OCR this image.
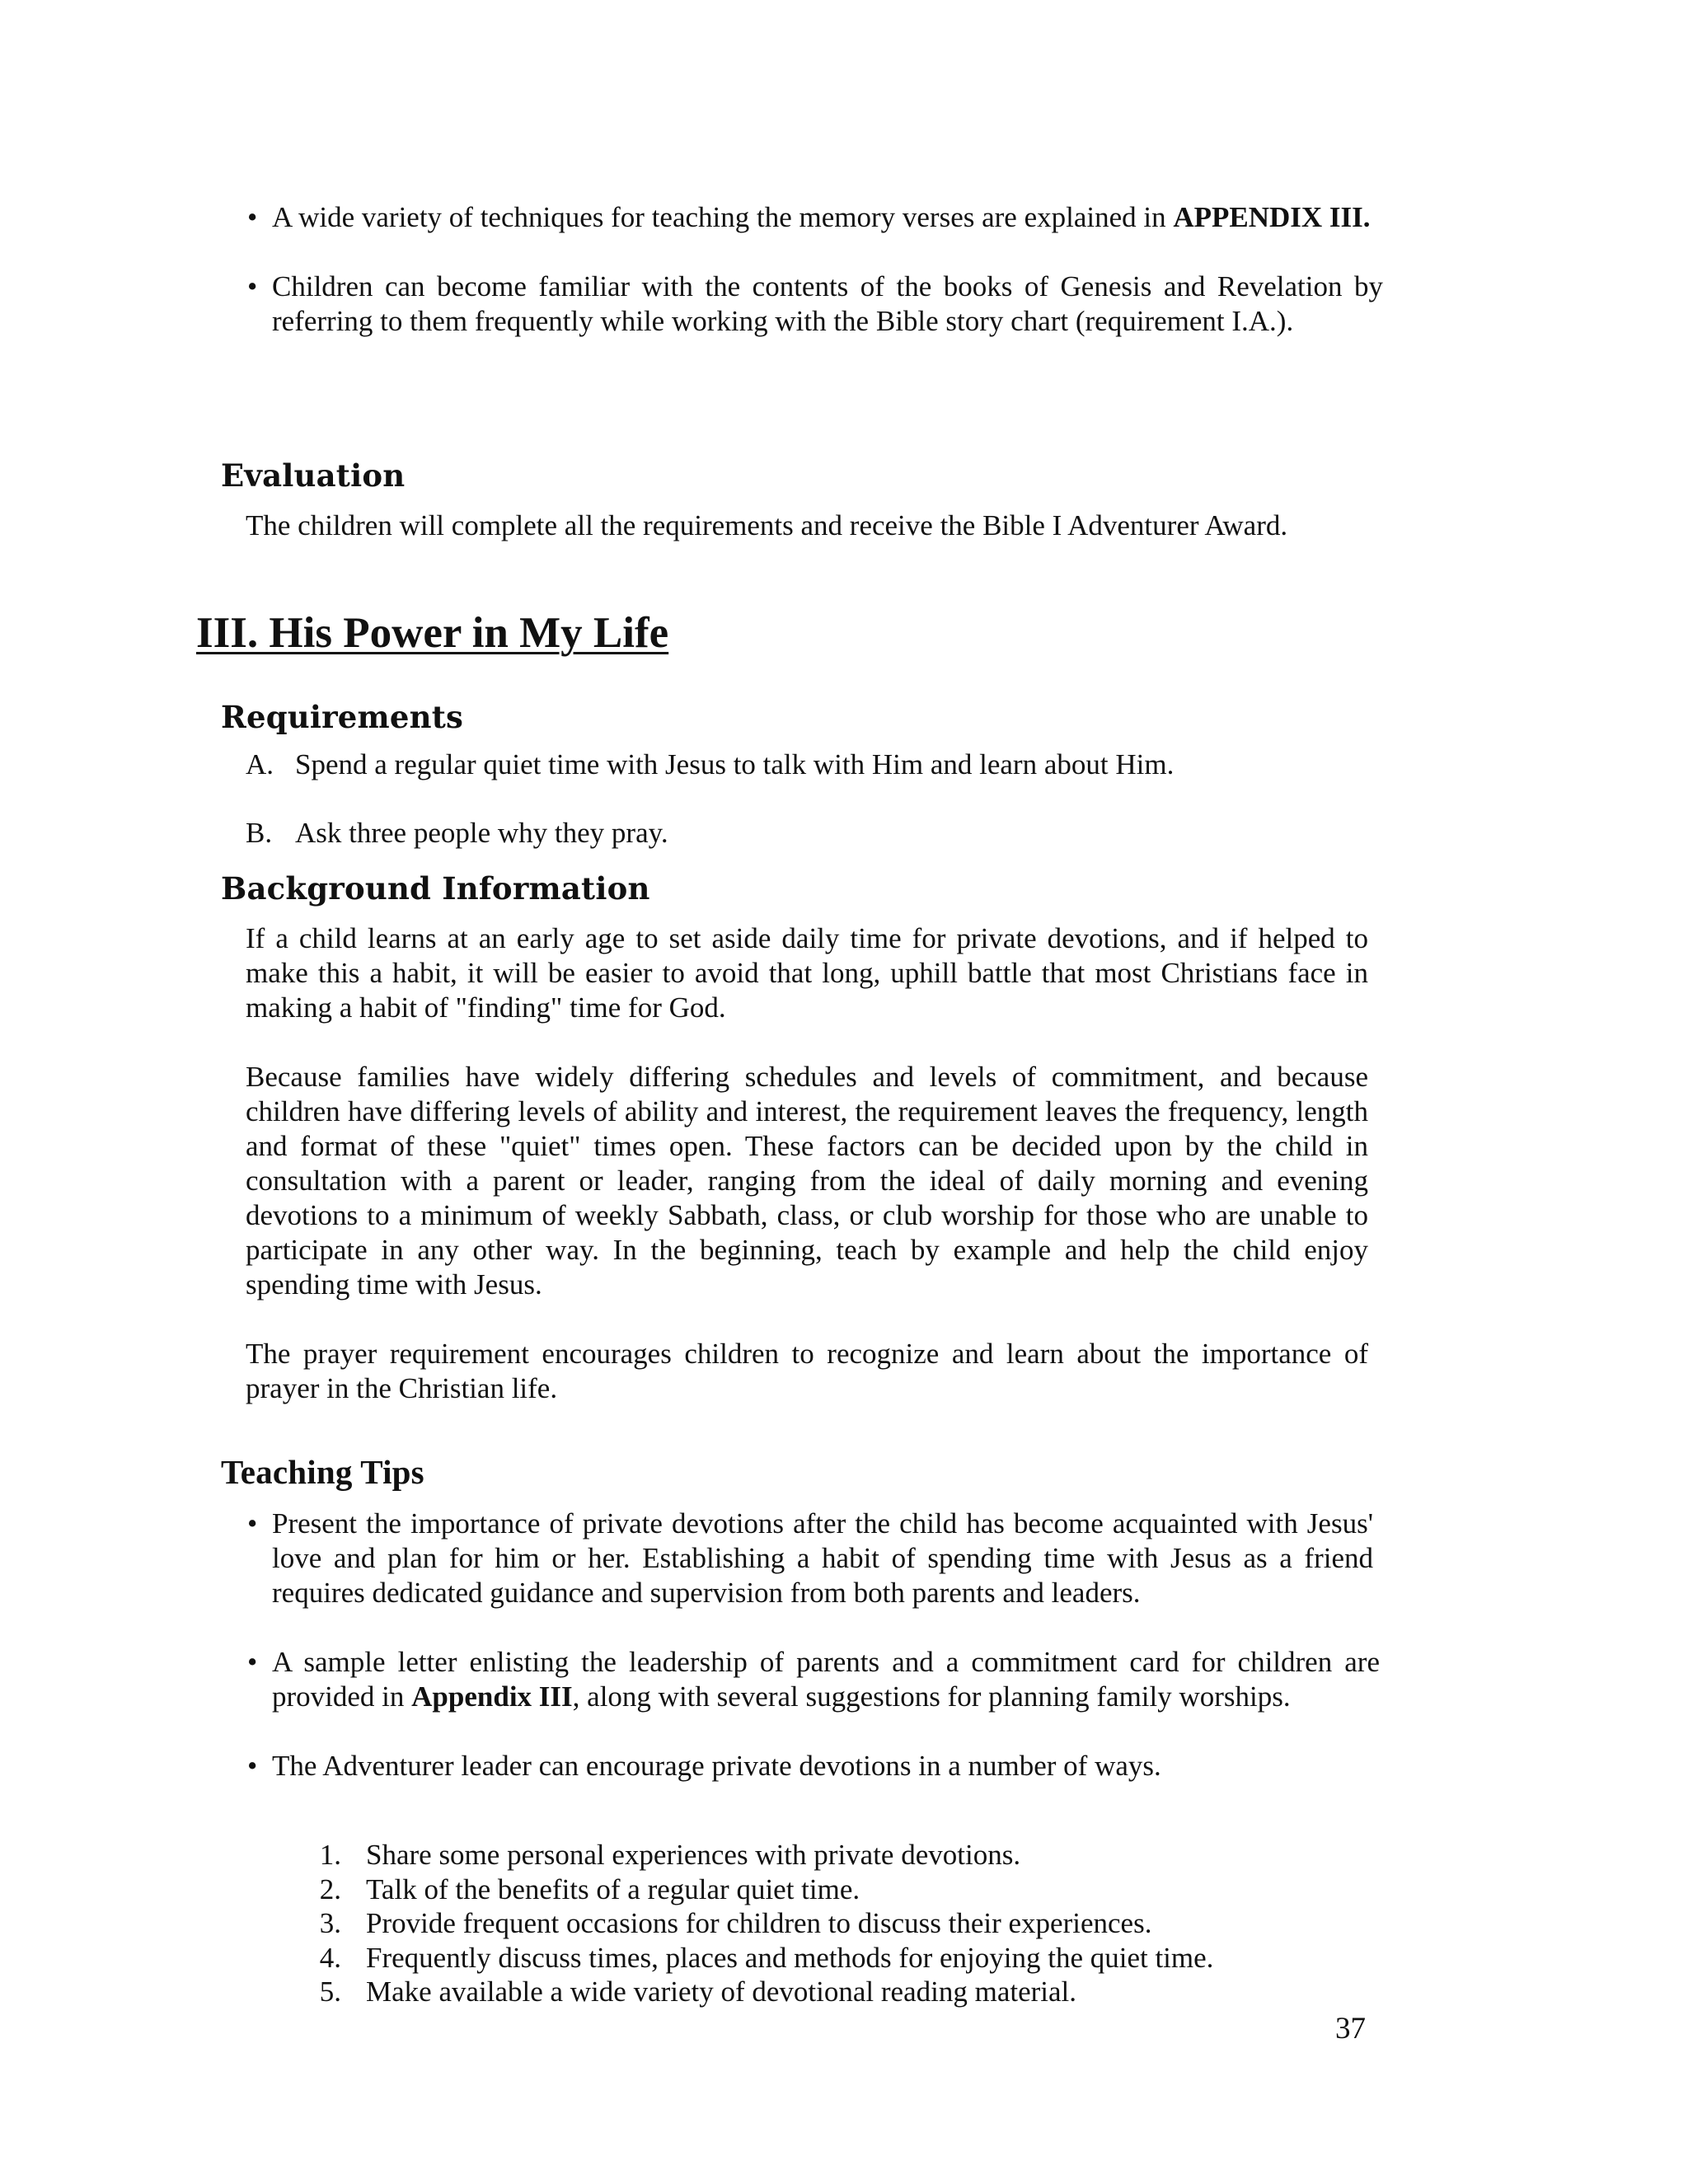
• A wide variety of techniques for teaching the memory verses are explained in APPENDIX III.

• Children can become familiar with the contents of the books of Genesis and Revelation by referring to them frequently while working with the Bible story chart (requirement I.A.).

Evaluation

The children will complete all the requirements and receive the Bible I Adventurer Award.

III. His Power in My Life
Requirements
A. Spend a regular quiet time with Jesus to talk with Him and learn about Him.
B. Ask three people why they pray.
Background Information

If a child learns at an early age to set aside daily time for private devotions, and if helped to make this a habit, it will be easier to avoid that long, uphill battle that most Christians face in making a habit of "finding" time for God.

Because families have widely differing schedules and levels of commitment, and because children have differing levels of ability and interest, the requirement leaves the frequency, length and format of these "quiet" times open. These factors can be decided upon by the child in consultation with a parent or leader, ranging from the ideal of daily morning and evening devotions to a minimum of weekly Sabbath, class, or club worship for those who are unable to participate in any other way. In the beginning, teach by example and help the child enjoy spending time with Jesus.

The prayer requirement encourages children to recognize and learn about the importance of prayer in the Christian life.

Teaching Tips

• Present the importance of private devotions after the child has become acquainted with Jesus' love and plan for him or her. Establishing a habit of spending time with Jesus as a friend requires dedicated guidance and supervision from both parents and leaders.

• A sample letter enlisting the leadership of parents and a commitment card for children are provided in Appendix III, along with several suggestions for planning family worships.

• The Adventurer leader can encourage private devotions in a number of ways.

1. Share some personal experiences with private devotions.
2. Talk of the benefits of a regular quiet time.
3. Provide frequent occasions for children to discuss their experiences.
4. Frequently discuss times, places and methods for enjoying the quiet time.
5. Make available a wide variety of devotional reading material.
37
